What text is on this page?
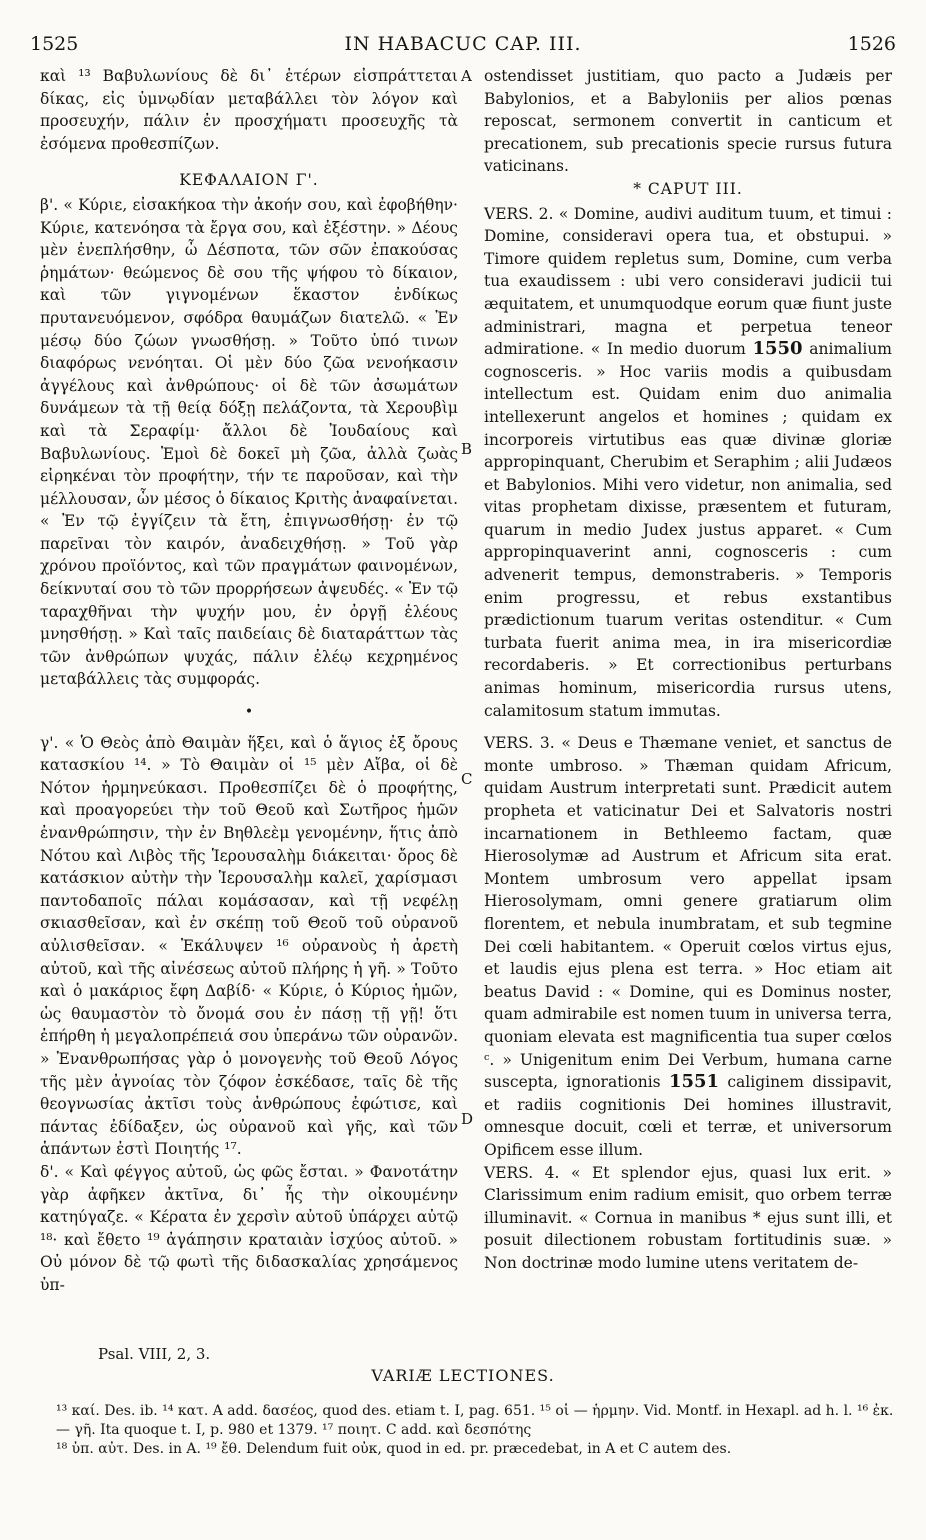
1525	IN HABACUC CAP. III.	1526

καὶ ¹³ Βαβυλωνίους δὲ δι᾽ ἑτέρων εἰσπράττεται δίκας, εἰς ὑμνῳδίαν μεταβάλλει τὸν λόγον καὶ προσευχήν, πάλιν ἐν προσχήματι προσευχῆς τὰ ἐσόμενα προθεσπίζων.

ΚΕΦΑΛΑΙΟΝ Γ'.

β'. « Κύριε, εἰσακήκοα τὴν ἀκοήν σου, καὶ ἐφοβήθην· Κύριε, κατενόησα τὰ ἔργα σου, καὶ ἐξέστην. » Δέους μὲν ἐνεπλήσθην, ὦ Δέσποτα, τῶν σῶν ἐπακούσας ῥημάτων· θεώμενος δὲ σου τῆς ψήφου τὸ δίκαιον, καὶ τῶν γιγνομένων ἕκαστον ἐνδίκως πρυτανευόμενον, σφόδρα θαυμάζων διατελῶ. « Ἐν μέσῳ δύο ζώων γνωσθήσῃ. » Τοῦτο ὑπό τινων διαφόρως νενόηται. Οἱ μὲν δύο ζῶα νενοήκασιν ἀγγέλους καὶ ἀνθρώπους· οἱ δὲ τῶν ἀσωμάτων δυνάμεων τὰ τῇ θείᾳ δόξῃ πελάζοντα, τὰ Χερουβὶμ καὶ τὰ Σεραφίμ· ἄλλοι δὲ Ἰουδαίους καὶ Βαβυλωνίους. Ἐμοὶ δὲ δοκεῖ μὴ ζῶα, ἀλλὰ ζωὰς εἰρηκέναι τὸν προφήτην, τήν τε παροῦσαν, καὶ τὴν μέλλουσαν, ὧν μέσος ὁ δίκαιος Κριτὴς ἀναφαίνεται. « Ἐν τῷ ἐγγίζειν τὰ ἔτη, ἐπιγνωσθήσῃ· ἐν τῷ παρεῖναι τὸν καιρόν, ἀναδειχθήσῃ. » Τοῦ γὰρ χρόνου προϊόντος, καὶ τῶν πραγμάτων φαινομένων, δείκνυταί σου τὸ τῶν προρρήσεων ἀψευδές. « Ἐν τῷ ταραχθῆναι τὴν ψυχήν μου, ἐν ὀργῇ ἐλέους μνησθήσῃ. » Καὶ ταῖς παιδείαις δὲ διαταράττων τὰς τῶν ἀνθρώπων ψυχάς, πάλιν ἐλέῳ κεχρημένος μεταβάλλεις τὰς συμφοράς.

•

γ'. « Ὁ Θεὸς ἀπὸ Θαιμὰν ἥξει, καὶ ὁ ἅγιος ἐξ ὄρους κατασκίου ¹⁴. » Τὸ Θαιμὰν οἱ ¹⁵ μὲν Αἴβα, οἱ δὲ Νότον ἡρμηνεύκασι. Προθεσπίζει δὲ ὁ προφήτης, καὶ προαγορεύει τὴν τοῦ Θεοῦ καὶ Σωτῆρος ἡμῶν ἐνανθρώπησιν, τὴν ἐν Βηθλεὲμ γενομένην, ἥτις ἀπὸ Νότου καὶ Λιβὸς τῆς Ἱερουσαλὴμ διάκειται· ὄρος δὲ κατάσκιον αὐτὴν τὴν Ἱερουσαλὴμ καλεῖ, χαρίσμασι παντοδαποῖς πάλαι κομάσασαν, καὶ τῇ νεφέλῃ σκιασθεῖσαν, καὶ ἐν σκέπῃ τοῦ Θεοῦ τοῦ οὐρανοῦ αὐλισθεῖσαν. « Ἐκάλυψεν ¹⁶ οὐρανοὺς ἡ ἀρετὴ αὐτοῦ, καὶ τῆς αἰνέσεως αὐτοῦ πλήρης ἡ γῆ. » Τοῦτο καὶ ὁ μακάριος ἔφη Δαβίδ· « Κύριε, ὁ Κύριος ἡμῶν, ὡς θαυμαστὸν τὸ ὄνομά σου ἐν πάσῃ τῇ γῇ! ὅτι ἐπήρθη ἡ μεγαλοπρέπειά σου ὑπεράνω τῶν οὐρανῶν. » Ἐνανθρωπήσας γὰρ ὁ μονογενὴς τοῦ Θεοῦ Λόγος τῆς μὲν ἀγνοίας τὸν ζόφον ἐσκέδασε, ταῖς δὲ τῆς θεογνωσίας ἀκτῖσι τοὺς ἀνθρώπους ἐφώτισε, καὶ πάντας ἐδίδαξεν, ὡς οὐρανοῦ καὶ γῆς, καὶ τῶν ἁπάντων ἐστὶ Ποιητής ¹⁷.

δ'. « Καὶ φέγγος αὐτοῦ, ὡς φῶς ἔσται. » Φανοτάτην γὰρ ἀφῆκεν ἀκτῖνα, δι᾽ ἧς τὴν οἰκουμένην κατηύγαζε. « Κέρατα ἐν χερσὶν αὐτοῦ ὑπάρχει αὐτῷ ¹⁸· καὶ ἔθετο ¹⁹ ἀγάπησιν κραταιὰν ἰσχύος αὐτοῦ. » Οὐ μόνον δὲ τῷ φωτὶ τῆς διδασκαλίας χρησάμενος ὑπ-

A
B
C
D

ostendisset justitiam, quo pacto a Judæis per Babylonios, et a Babyloniis per alios pœnas reposcat, sermonem convertit in canticum et precationem, sub precationis specie rursus futura vaticinans.

* CAPUT III.

VERS. 2. « Domine, audivi auditum tuum, et timui : Domine, consideravi opera tua, et obstupui. » Timore quidem repletus sum, Domine, cum verba tua exaudissem : ubi vero consideravi judicii tui æquitatem, et unumquodque eorum quæ fiunt juste administrari, magna et perpetua teneor admiratione. « In medio duorum 1550 animalium cognosceris. » Hoc variis modis a quibusdam intellectum est. Quidam enim duo animalia intellexerunt angelos et homines ; quidam ex incorporeis virtutibus eas quæ divinæ gloriæ appropinquant, Cherubim et Seraphim ; alii Judæos et Babylonios. Mihi vero videtur, non animalia, sed vitas prophetam dixisse, præsentem et futuram, quarum in medio Judex justus apparet. « Cum appropinquaverint anni, cognosceris : cum advenerit tempus, demonstraberis. » Temporis enim progressu, et rebus exstantibus prædictionum tuarum veritas ostenditur. « Cum turbata fuerit anima mea, in ira misericordiæ recordaberis. » Et correctionibus perturbans animas hominum, misericordia rursus utens, calamitosum statum immutas.

VERS. 3. « Deus e Thæmane veniet, et sanctus de monte umbroso. » Thæman quidam Africum, quidam Austrum interpretati sunt. Prædicit autem propheta et vaticinatur Dei et Salvatoris nostri incarnationem in Bethleemo factam, quæ Hierosolymæ ad Austrum et Africum sita erat. Montem umbrosum vero appellat ipsam Hierosolymam, omni genere gratiarum olim florentem, et nebula inumbratam, et sub tegmine Dei cœli habitantem. « Operuit cœlos virtus ejus, et laudis ejus plena est terra. » Hoc etiam ait beatus David : « Domine, qui es Dominus noster, quam admirabile est nomen tuum in universa terra, quoniam elevata est magnificentia tua super cœlos ᶜ. » Unigenitum enim Dei Verbum, humana carne suscepta, ignorationis 1551 caliginem dissipavit, et radiis cognitionis Dei homines illustravit, omnesque docuit, cœli et terræ, et universorum Opificem esse illum.

VERS. 4. « Et splendor ejus, quasi lux erit. » Clarissimum enim radium emisit, quo orbem terræ illuminavit. « Cornua in manibus * ejus sunt illi, et posuit dilectionem robustam fortitudinis suæ. » Non doctrinæ modo lumine utens veritatem de-

Psal. VIII, 2, 3.
VARIÆ LECTIONES.

¹³ καί. Des. ib. ¹⁴ κατ. A add. δασέος, quod des. etiam t. I, pag. 651. ¹⁵ οἱ — ἡρμην. Vid. Montf. in Hexapl. ad h. l. ¹⁶ ἐκ. — γῆ. Ita quoque t. I, p. 980 et 1379. ¹⁷ ποιητ. C add. καὶ δεσπότης

¹⁸ ὑπ. αὐτ. Des. in A. ¹⁹ ἔθ. Delendum fuit οὐκ, quod in ed. pr. præcedebat, in A et C autem des.
